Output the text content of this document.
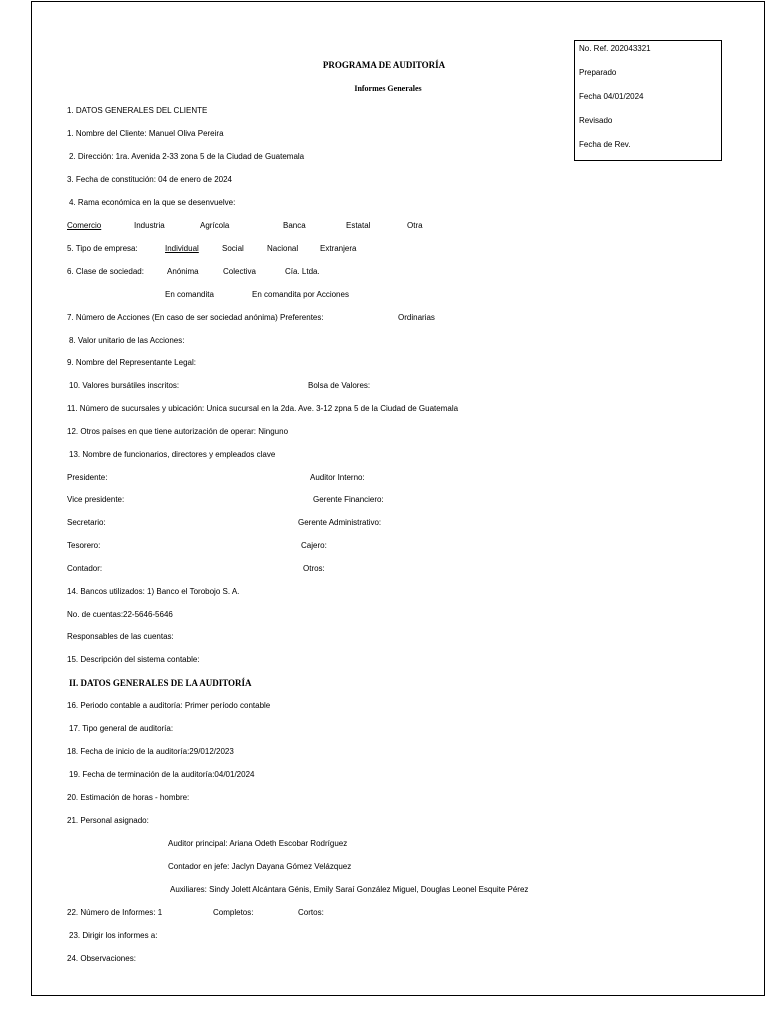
No. Ref. 202043321
Preparado
Fecha 04/01/2024
Revisado
Fecha de Rev.
PROGRAMA DE AUDITORÍA
Informes Generales
1. DATOS GENERALES DEL CLIENTE
1. Nombre del Cliente: Manuel Oliva Pereira
2. Dirección: 1ra. Avenida 2-33 zona 5 de la Ciudad de Guatemala
3. Fecha de constitución: 04 de enero de 2024
4. Rama económica en la que se desenvuelve:
Comercio	Industria	Agrícola	Banca	Estatal	Otra
5. Tipo de empresa:	Individual	Social	Nacional	Extranjera
6. Clase de sociedad:	Anónima	Colectiva	Cía. Ltda.
En comandita	En comandita por Acciones
7. Número de Acciones (En caso de ser sociedad anónima) Preferentes:	Ordinarias
8. Valor unitario de las Acciones:
9. Nombre del Representante Legal:
10. Valores bursátiles inscritos:	Bolsa de Valores:
11. Número de sucursales y ubicación: Unica sucursal en la 2da. Ave. 3-12 zpna 5 de la Ciudad de Guatemala
12. Otros países en que tiene autorización de operar: Ninguno
13. Nombre de funcionarios, directores y empleados clave
Presidente:	Auditor Interno:
Vice presidente:	Gerente Financiero:
Secretario:	Gerente Administrativo:
Tesorero:	Cajero:
Contador:	Otros:
14. Bancos utilizados: 1) Banco el Torobojo S. A.
No. de cuentas:22-5646-5646
Responsables de las cuentas:
15. Descripción del sistema contable:
II. DATOS GENERALES DE LA AUDITORÍA
16. Periodo contable a auditoría: Primer período contable
17. Tipo general de auditoría:
18. Fecha de inicio de la auditoría:29/012/2023
19. Fecha de terminación de la auditoría:04/01/2024
20. Estimación de horas - hombre:
21. Personal asignado:
Auditor principal: Ariana Odeth Escobar Rodríguez
Contador en jefe: Jaclyn Dayana Gómez Velázquez
Auxiliares: Sindy Jolett Alcántara Génis, Emily Saraí González Miguel, Douglas Leonel Esquite Pérez
22. Número de Informes: 1	Completos:	Cortos:
23. Dirigir los informes a:
24. Observaciones:
